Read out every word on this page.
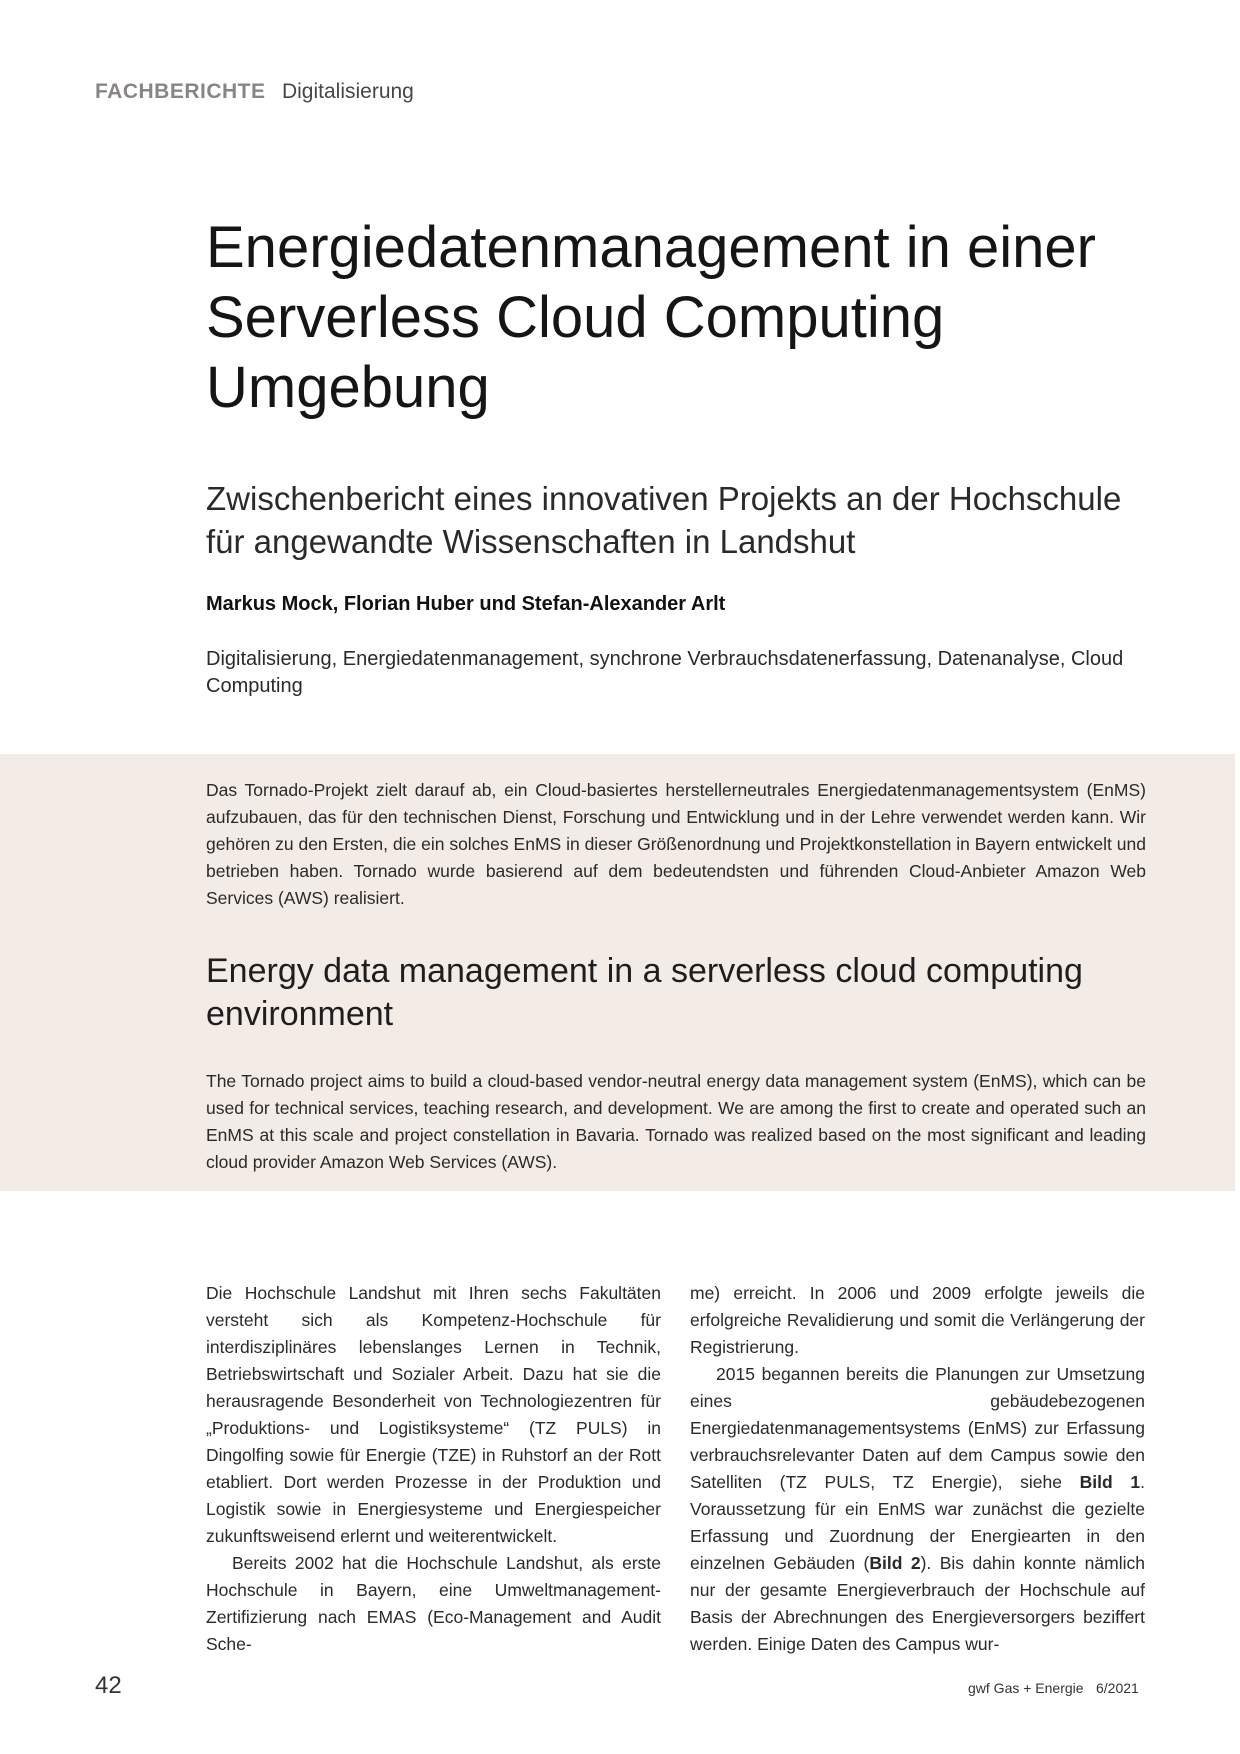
FACHBERICHTE Digitalisierung
Energiedatenmanagement in einer Serverless Cloud Computing Umgebung
Zwischenbericht eines innovativen Projekts an der Hochschule für angewandte Wissenschaften in Landshut

Markus Mock, Florian Huber und Stefan-Alexander Arlt

Digitalisierung, Energiedatenmanagement, synchrone Verbrauchsdatenerfassung, Datenanalyse, Cloud Computing

Das Tornado-Projekt zielt darauf ab, ein Cloud-basiertes herstellerneutrales Energiedatenmanagementsystem (EnMS) aufzubauen, das für den technischen Dienst, Forschung und Entwicklung und in der Lehre verwendet werden kann. Wir gehören zu den Ersten, die ein solches EnMS in dieser Größenordnung und Projektkonstellation in Bayern entwickelt und betrieben haben. Tornado wurde basierend auf dem bedeutendsten und führenden Cloud-Anbieter Amazon Web Services (AWS) realisiert.

Energy data management in a serverless cloud computing environment

The Tornado project aims to build a cloud-based vendor-neutral energy data management system (EnMS), which can be used for technical services, teaching research, and development. We are among the first to create and operated such an EnMS at this scale and project constellation in Bavaria. Tornado was realized based on the most significant and leading cloud provider Amazon Web Services (AWS).

Die Hochschule Landshut mit Ihren sechs Fakultäten versteht sich als Kompetenz-Hochschule für interdisziplinäres lebenslanges Lernen in Technik, Betriebswirtschaft und Sozialer Arbeit. Dazu hat sie die herausragende Besonderheit von Technologiezentren für „Produktions- und Logistiksysteme“ (TZ PULS) in Dingolfing sowie für Energie (TZE) in Ruhstorf an der Rott etabliert. Dort werden Prozesse in der Produktion und Logistik sowie in Energiesysteme und Energiespeicher zukunftsweisend erlernt und weiterentwickelt.

Bereits 2002 hat die Hochschule Landshut, als erste Hochschule in Bayern, eine Umweltmanagement-Zertifizierung nach EMAS (Eco-Management and Audit Sche-

me) erreicht. In 2006 und 2009 erfolgte jeweils die erfolgreiche Revalidierung und somit die Verlängerung der Registrierung.

2015 begannen bereits die Planungen zur Umsetzung eines gebäudebezogenen Energiedatenmanagementsystems (EnMS) zur Erfassung verbrauchsrelevanter Daten auf dem Campus sowie den Satelliten (TZ PULS, TZ Energie), siehe Bild 1. Voraussetzung für ein EnMS war zunächst die gezielte Erfassung und Zuordnung der Energiearten in den einzelnen Gebäuden (Bild 2). Bis dahin konnte nämlich nur der gesamte Energieverbrauch der Hochschule auf Basis der Abrechnungen des Energieversorgers beziffert werden. Einige Daten des Campus wur-

42	gwf Gas + Energie 6/2021
